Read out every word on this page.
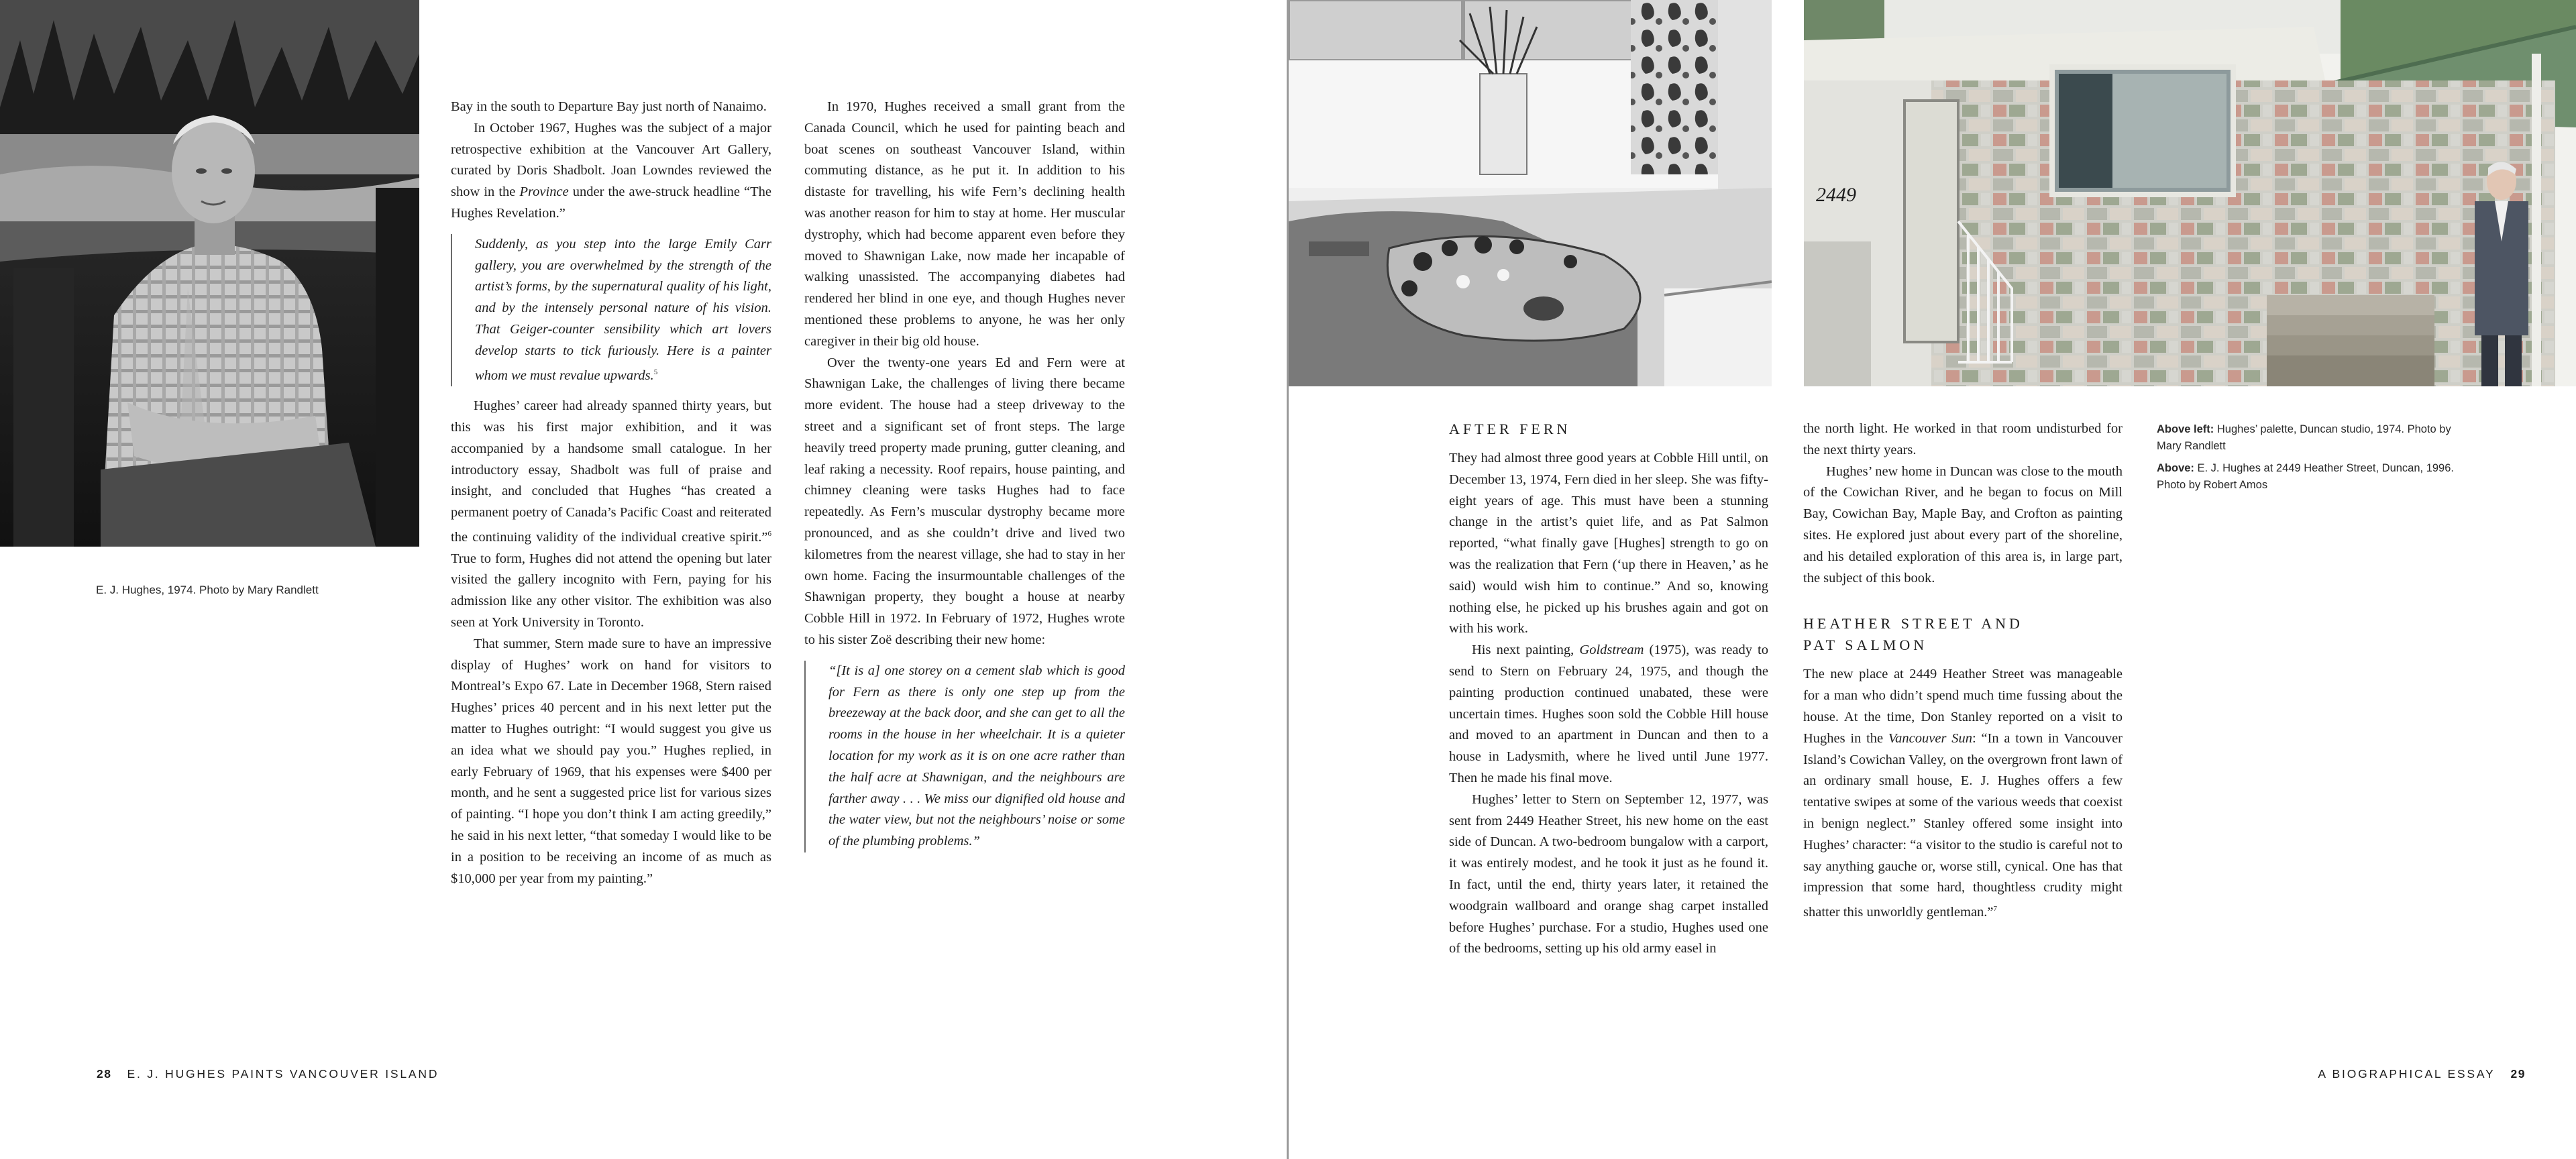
E. J. Hughes, 1974. Photo by Mary Randlett

Bay in the south to Departure Bay just north of Nanaimo.

In October 1967, Hughes was the subject of a major retrospective exhibition at the Vancouver Art Gallery, curated by Doris Shadbolt. Joan Lowndes reviewed the show in the Province under the awe-struck headline “The Hughes Revelation.”

Suddenly, as you step into the large Emily Carr gallery, you are overwhelmed by the strength of the artist’s forms, by the supernatural quality of his light, and by the intensely personal nature of his vision. That Geiger-counter sensibility which art lovers develop starts to tick furiously. Here is a painter whom we must revalue upwards.$^5$

Hughes’ career had already spanned thirty years, but this was his first major exhibition, and it was accompanied by a handsome small catalogue. In her introductory essay, Shadbolt was full of praise and insight, and concluded that Hughes “has created a permanent poetry of Canada’s Pacific Coast and reiterated the continuing validity of the individual creative spirit.”$^6$ True to form, Hughes did not attend the opening but later visited the gallery incognito with Fern, paying for his admission like any other visitor. The exhibition was also seen at York University in Toronto.

That summer, Stern made sure to have an impressive display of Hughes’ work on hand for visitors to Montreal’s Expo 67. Late in December 1968, Stern raised Hughes’ prices 40 percent and in his next letter put the matter to Hughes outright: “I would suggest you give us an idea what we should pay you.” Hughes replied, in early February of 1969, that his expenses were $400 per month, and he sent a suggested price list for various sizes of painting. “I hope you don’t think I am acting greedily,” he said in his next letter, “that someday I would like to be in a position to be receiving an income of as much as $10,000 per year from my painting.”

In 1970, Hughes received a small grant from the Canada Council, which he used for painting beach and boat scenes on southeast Vancouver Island, within commuting distance, as he put it. In addition to his distaste for travelling, his wife Fern’s declining health was another reason for him to stay at home. Her muscular dystrophy, which had become apparent even before they moved to Shawnigan Lake, now made her incapable of walking unassisted. The accompanying diabetes had rendered her blind in one eye, and though Hughes never mentioned these problems to anyone, he was her only caregiver in their big old house.

Over the twenty-one years Ed and Fern were at Shawnigan Lake, the challenges of living there became more evident. The house had a steep driveway to the street and a significant set of front steps. The large heavily treed property made pruning, gutter cleaning, and leaf raking a necessity. Roof repairs, house painting, and chimney cleaning were tasks Hughes had to face repeatedly. As Fern’s muscular dystrophy became more pronounced, and as she couldn’t drive and lived two kilometres from the nearest village, she had to stay in her own home. Facing the insurmountable challenges of the Shawnigan property, they bought a house at nearby Cobble Hill in 1972. In February of 1972, Hughes wrote to his sister Zoë describing their new home:

“[It is a] one storey on a cement slab which is good for Fern as there is only one step up from the breezeway at the back door, and she can get to all the rooms in the house in her wheelchair. It is a quieter location for my work as it is on one acre rather than the half acre at Shawnigan, and the neighbours are farther away . . . We miss our dignified old house and the water view, but not the neighbours’ noise or some of the plumbing problems.”

28 E. J. HUGHES PAINTS VANCOUVER ISLAND
2449
AFTER FERN

They had almost three good years at Cobble Hill until, on December 13, 1974, Fern died in her sleep. She was fifty-eight years of age. This must have been a stunning change in the artist’s quiet life, and as Pat Salmon reported, “what finally gave [Hughes] strength to go on was the realization that Fern (‘up there in Heaven,’ as he said) would wish him to continue.” And so, knowing nothing else, he picked up his brushes again and got on with his work.

His next painting, Goldstream (1975), was ready to send to Stern on February 24, 1975, and though the painting production continued unabated, these were uncertain times. Hughes soon sold the Cobble Hill house and moved to an apartment in Duncan and then to a house in Ladysmith, where he lived until June 1977. Then he made his final move.

Hughes’ letter to Stern on September 12, 1977, was sent from 2449 Heather Street, his new home on the east side of Duncan. A two-bedroom bungalow with a carport, it was entirely modest, and he took it just as he found it. In fact, until the end, thirty years later, it retained the woodgrain wallboard and orange shag carpet installed before Hughes’ purchase. For a studio, Hughes used one of the bedrooms, setting up his old army easel in

the north light. He worked in that room undisturbed for the next thirty years.

Hughes’ new home in Duncan was close to the mouth of the Cowichan River, and he began to focus on Mill Bay, Cowichan Bay, Maple Bay, and Crofton as painting sites. He explored just about every part of the shoreline, and his detailed exploration of this area is, in large part, the subject of this book.

HEATHER STREET AND
PAT SALMON

The new place at 2449 Heather Street was manageable for a man who didn’t spend much time fussing about the house. At the time, Don Stanley reported on a visit to Hughes in the Vancouver Sun: “In a town in Vancouver Island’s Cowichan Valley, on the overgrown front lawn of an ordinary small house, E. J. Hughes offers a few tentative swipes at some of the various weeds that coexist in benign neglect.” Stanley offered some insight into Hughes’ character: “a visitor to the studio is careful not to say anything gauche or, worse still, cynical. One has that impression that some hard, thoughtless crudity might shatter this unworldly gentleman.”$^7$

Above left: Hughes’ palette, Duncan studio, 1974. Photo by Mary Randlett
Above: E. J. Hughes at 2449 Heather Street, Duncan, 1996. Photo by Robert Amos
A BIOGRAPHICAL ESSAY 29
